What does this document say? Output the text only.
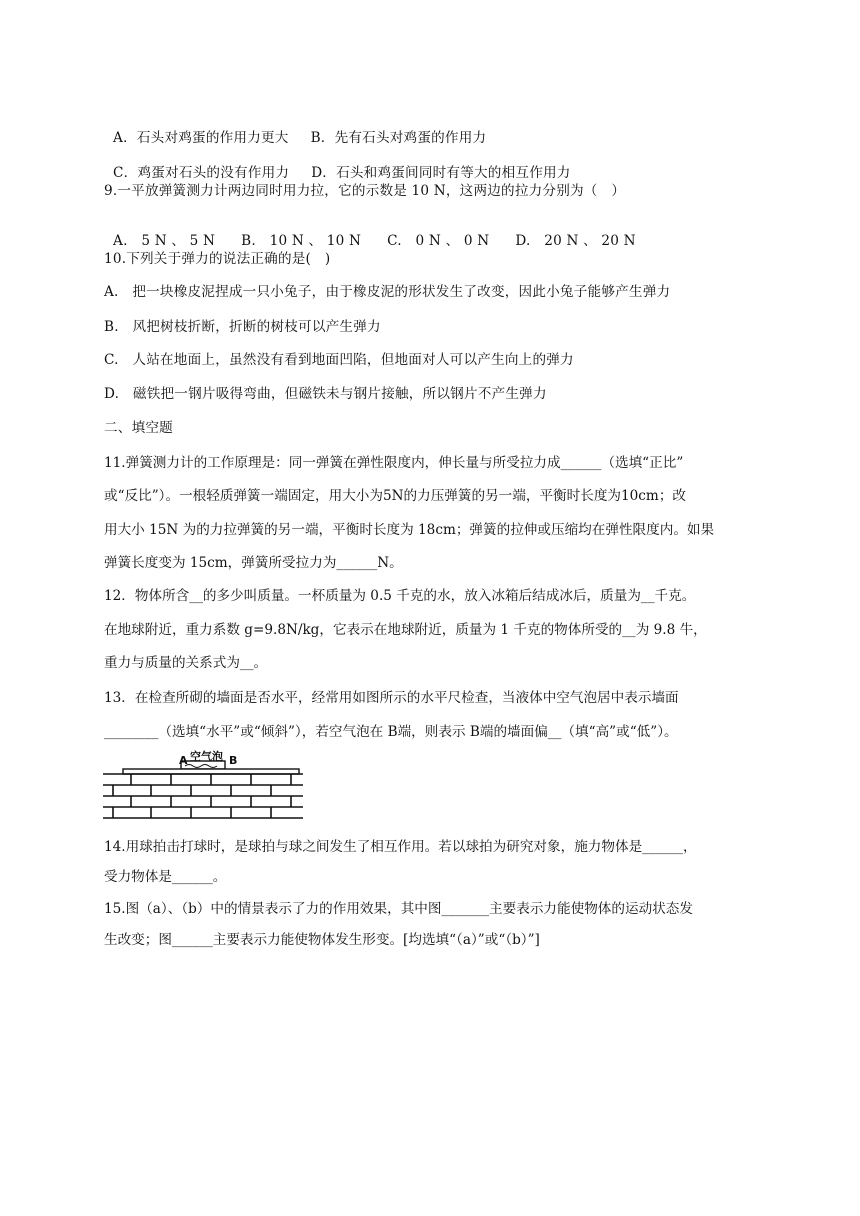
A．石头对鸡蛋的作用力更大 B．先有石头对鸡蛋的作用力

C．鸡蛋对石头的没有作用力 D．石头和鸡蛋间同时有等大的相互作用力

9.一平放弹簧测力计两边同时用力拉，它的示数是 10 N，这两边的拉力分别为（　）

A.　5 N 、 5 N B.　10 N 、 10 N C.　0 N 、 0 N D.　20 N 、 20 N

10.下列关于弹力的说法正确的是(　)
A.　把一块橡皮泥捏成一只小兔子，由于橡皮泥的形状发生了改变，因此小兔子能够产生弹力
B.　风把树枝折断，折断的树枝可以产生弹力
C.　人站在地面上，虽然没有看到地面凹陷，但地面对人可以产生向上的弹力
D.　磁铁把一钢片吸得弯曲，但磁铁未与钢片接触，所以钢片不产生弹力
二、填空题
11.弹簧测力计的工作原理是：同一弹簧在弹性限度内，伸长量与所受拉力成______（选填“正比”
或“反比”）。一根轻质弹簧一端固定，用大小为5N的力压弹簧的另一端，平衡时长度为10cm；改
用大小 15N 为的力拉弹簧的另一端，平衡时长度为 18cm；弹簧的拉伸或压缩均在弹性限度内。如果
弹簧长度变为 15cm，弹簧所受拉力为______N。
12．物体所含__的多少叫质量。一杯质量为 0.5 千克的水，放入冰箱后结成冰后，质量为__千克。
在地球附近，重力系数 g=9.8N/kg，它表示在地球附近，质量为 1 千克的物体所受的__为 9.8 牛，
重力与质量的关系式为__。
13．在检查所砌的墙面是否水平，经常用如图所示的水平尺检查，当液体中空气泡居中表示墙面
________（选填“水平”或“倾斜”），若空气泡在 B端，则表示 B端的墙面偏__（填“高”或“低”）。
A 空气泡 B
14.用球拍击打球时，是球拍与球之间发生了相互作用。若以球拍为研究对象，施力物体是______，
受力物体是______。
15.图（a）、（b）中的情景表示了力的作用效果，其中图_______主要表示力能使物体的运动状态发
生改变；图______主要表示力能使物体发生形变。[均选填“（a）”或“（b）”]
